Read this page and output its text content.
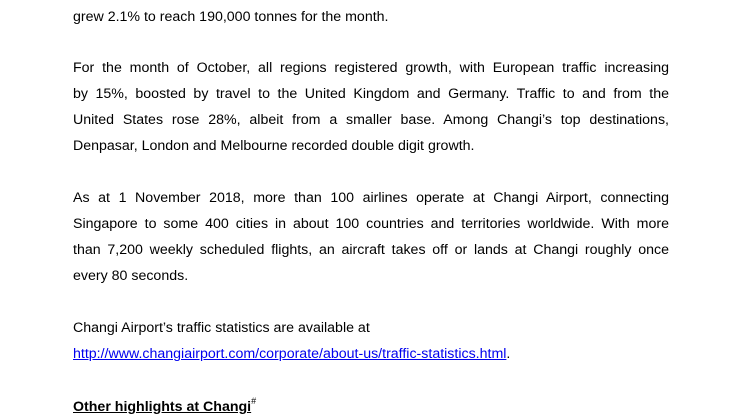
grew 2.1% to reach 190,000 tonnes for the month.

For the month of October, all regions registered growth, with European traffic increasing
by 15%, boosted by travel to the United Kingdom and Germany. Traffic to and from the
United States rose 28%, albeit from a smaller base. Among Changi’s top destinations,
Denpasar, London and Melbourne recorded double digit growth.

As at 1 November 2018, more than 100 airlines operate at Changi Airport, connecting
Singapore to some 400 cities in about 100 countries and territories worldwide. With more
than 7,200 weekly scheduled flights, an aircraft takes off or lands at Changi roughly once
every 80 seconds.

Changi Airport’s traffic statistics are available at
http://www.changiairport.com/corporate/about-us/traffic-statistics.html.

Other highlights at Changi#
